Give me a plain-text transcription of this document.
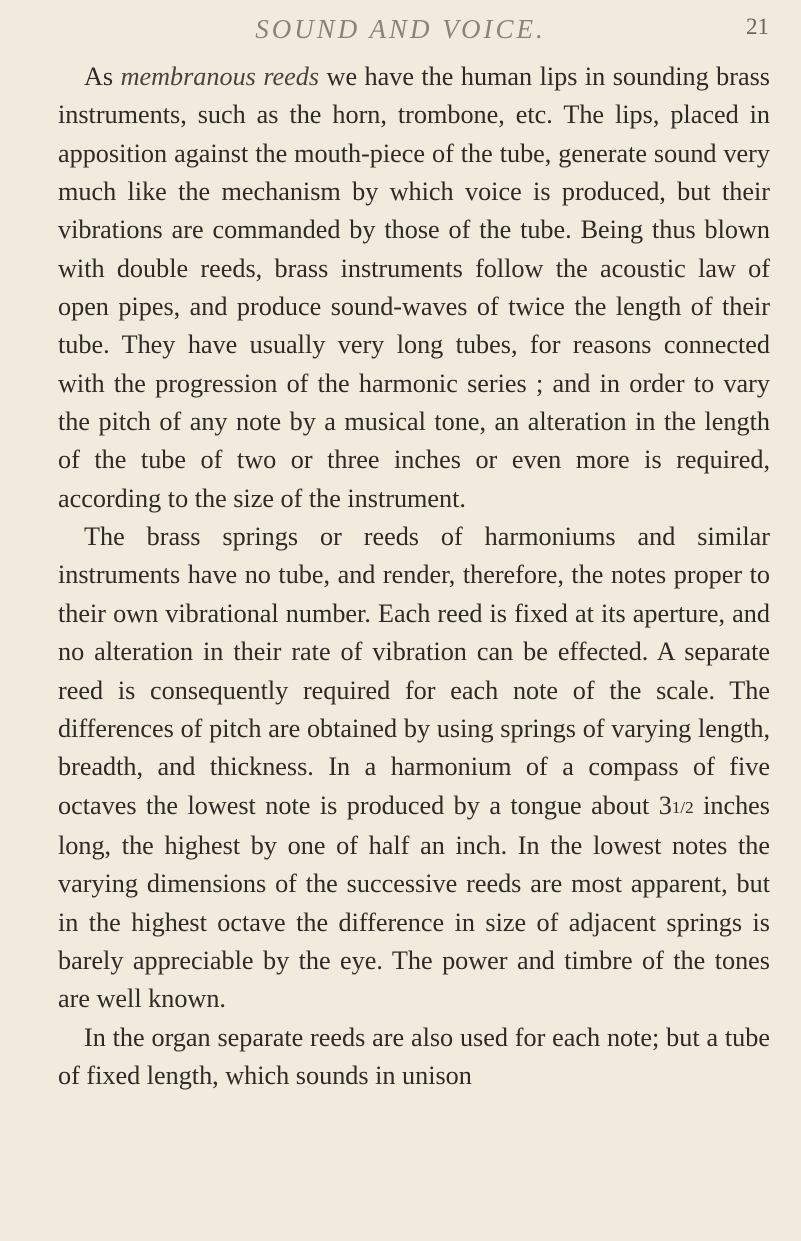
SOUND AND VOICE.	21

As membranous reeds we have the human lips in sounding brass instruments, such as the horn, trombone, etc. The lips, placed in apposition against the mouth-piece of the tube, generate sound very much like the mechanism by which voice is produced, but their vibrations are commanded by those of the tube. Being thus blown with double reeds, brass instruments follow the acoustic law of open pipes, and produce sound-waves of twice the length of their tube. They have usually very long tubes, for reasons connected with the progression of the harmonic series ; and in order to vary the pitch of any note by a musical tone, an alteration in the length of the tube of two or three inches or even more is required, according to the size of the instrument.

The brass springs or reeds of harmoniums and similar instruments have no tube, and render, therefore, the notes proper to their own vibrational number. Each reed is fixed at its aperture, and no alteration in their rate of vibration can be effected. A separate reed is consequently required for each note of the scale. The differences of pitch are obtained by using springs of varying length, breadth, and thickness. In a harmonium of a compass of five octaves the lowest note is produced by a tongue about 31/2 inches long, the highest by one of half an inch. In the lowest notes the varying dimensions of the successive reeds are most apparent, but in the highest octave the difference in size of adjacent springs is barely appreciable by the eye. The power and timbre of the tones are well known.

In the organ separate reeds are also used for each note; but a tube of fixed length, which sounds in unison
